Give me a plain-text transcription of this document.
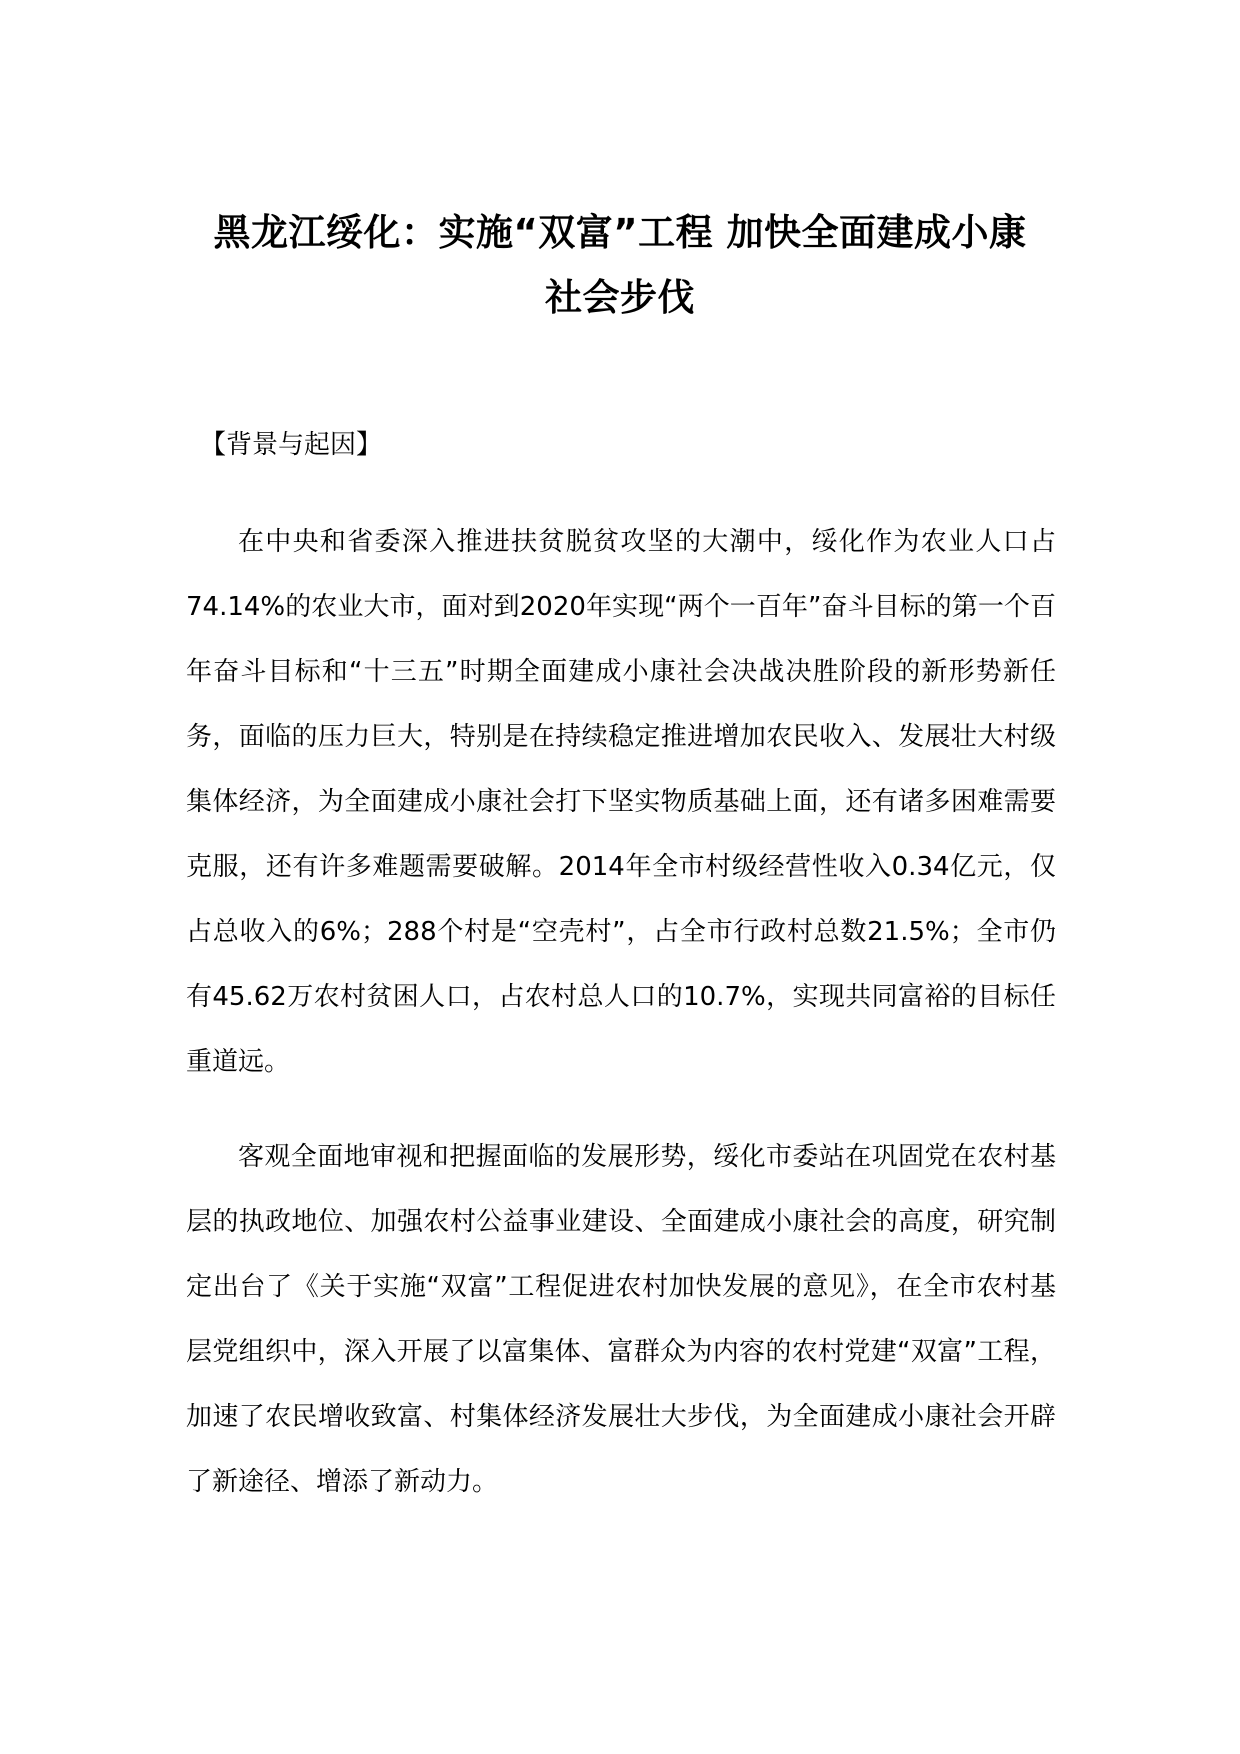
黑龙江绥化：实施“双富”工程 加快全面建成小康
社会步伐
【背景与起因】

在中央和省委深入推进扶贫脱贫攻坚的大潮中，绥化作为农业人口占74.14%的农业大市，面对到2020年实现“两个一百年”奋斗目标的第一个百年奋斗目标和“十三五”时期全面建成小康社会决战决胜阶段的新形势新任务，面临的压力巨大，特别是在持续稳定推进增加农民收入、发展壮大村级集体经济，为全面建成小康社会打下坚实物质基础上面，还有诸多困难需要克服，还有许多难题需要破解。2014年全市村级经营性收入0.34亿元，仅占总收入的6%；288个村是“空壳村”，占全市行政村总数21.5%；全市仍有45.62万农村贫困人口，占农村总人口的10.7%，实现共同富裕的目标任重道远。

客观全面地审视和把握面临的发展形势，绥化市委站在巩固党在农村基层的执政地位、加强农村公益事业建设、全面建成小康社会的高度，研究制定出台了《关于实施“双富”工程促进农村加快发展的意见》，在全市农村基层党组织中，深入开展了以富集体、富群众为内容的农村党建“双富”工程，加速了农民增收致富、村集体经济发展壮大步伐，为全面建成小康社会开辟了新途径、增添了新动力。
